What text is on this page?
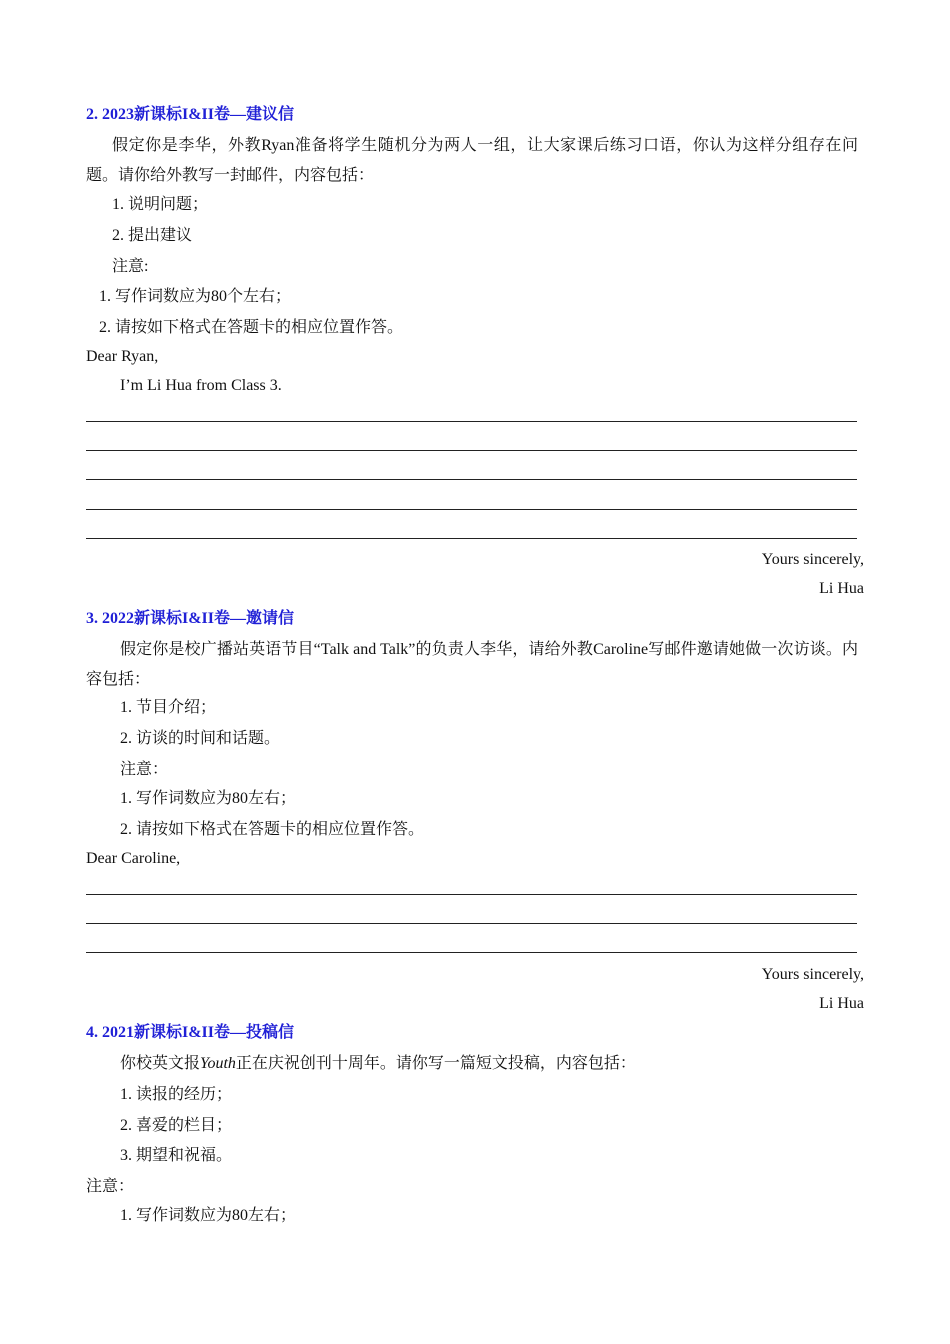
2. 2023新课标I&II卷—建议信
假定你是李华，外教Ryan准备将学生随机分为两人一组，让大家课后练习口语，你认为这样分组存在问题。请你给外教写一封邮件，内容包括：
1. 说明问题；
2. 提出建议
注意:
1. 写作词数应为80个左右；
2. 请按如下格式在答题卡的相应位置作答。
Dear Ryan,
I’m Li Hua from Class 3.
Yours sincerely,
Li Hua
3. 2022新课标I&II卷—邀请信
假定你是校广播站英语节目“Talk and Talk”的负责人李华，请给外教Caroline写邮件邀请她做一次访谈。内容包括：
1. 节目介绍；
2. 访谈的时间和话题。
注意：
1. 写作词数应为80左右；
2. 请按如下格式在答题卡的相应位置作答。
Dear Caroline,
Yours sincerely,
Li Hua
4. 2021新课标I&II卷—投稿信
你校英文报Youth正在庆祝创刊十周年。请你写一篇短文投稿，内容包括：
1. 读报的经历；
2. 喜爱的栏目；
3. 期望和祝福。
注意：
1. 写作词数应为80左右；
